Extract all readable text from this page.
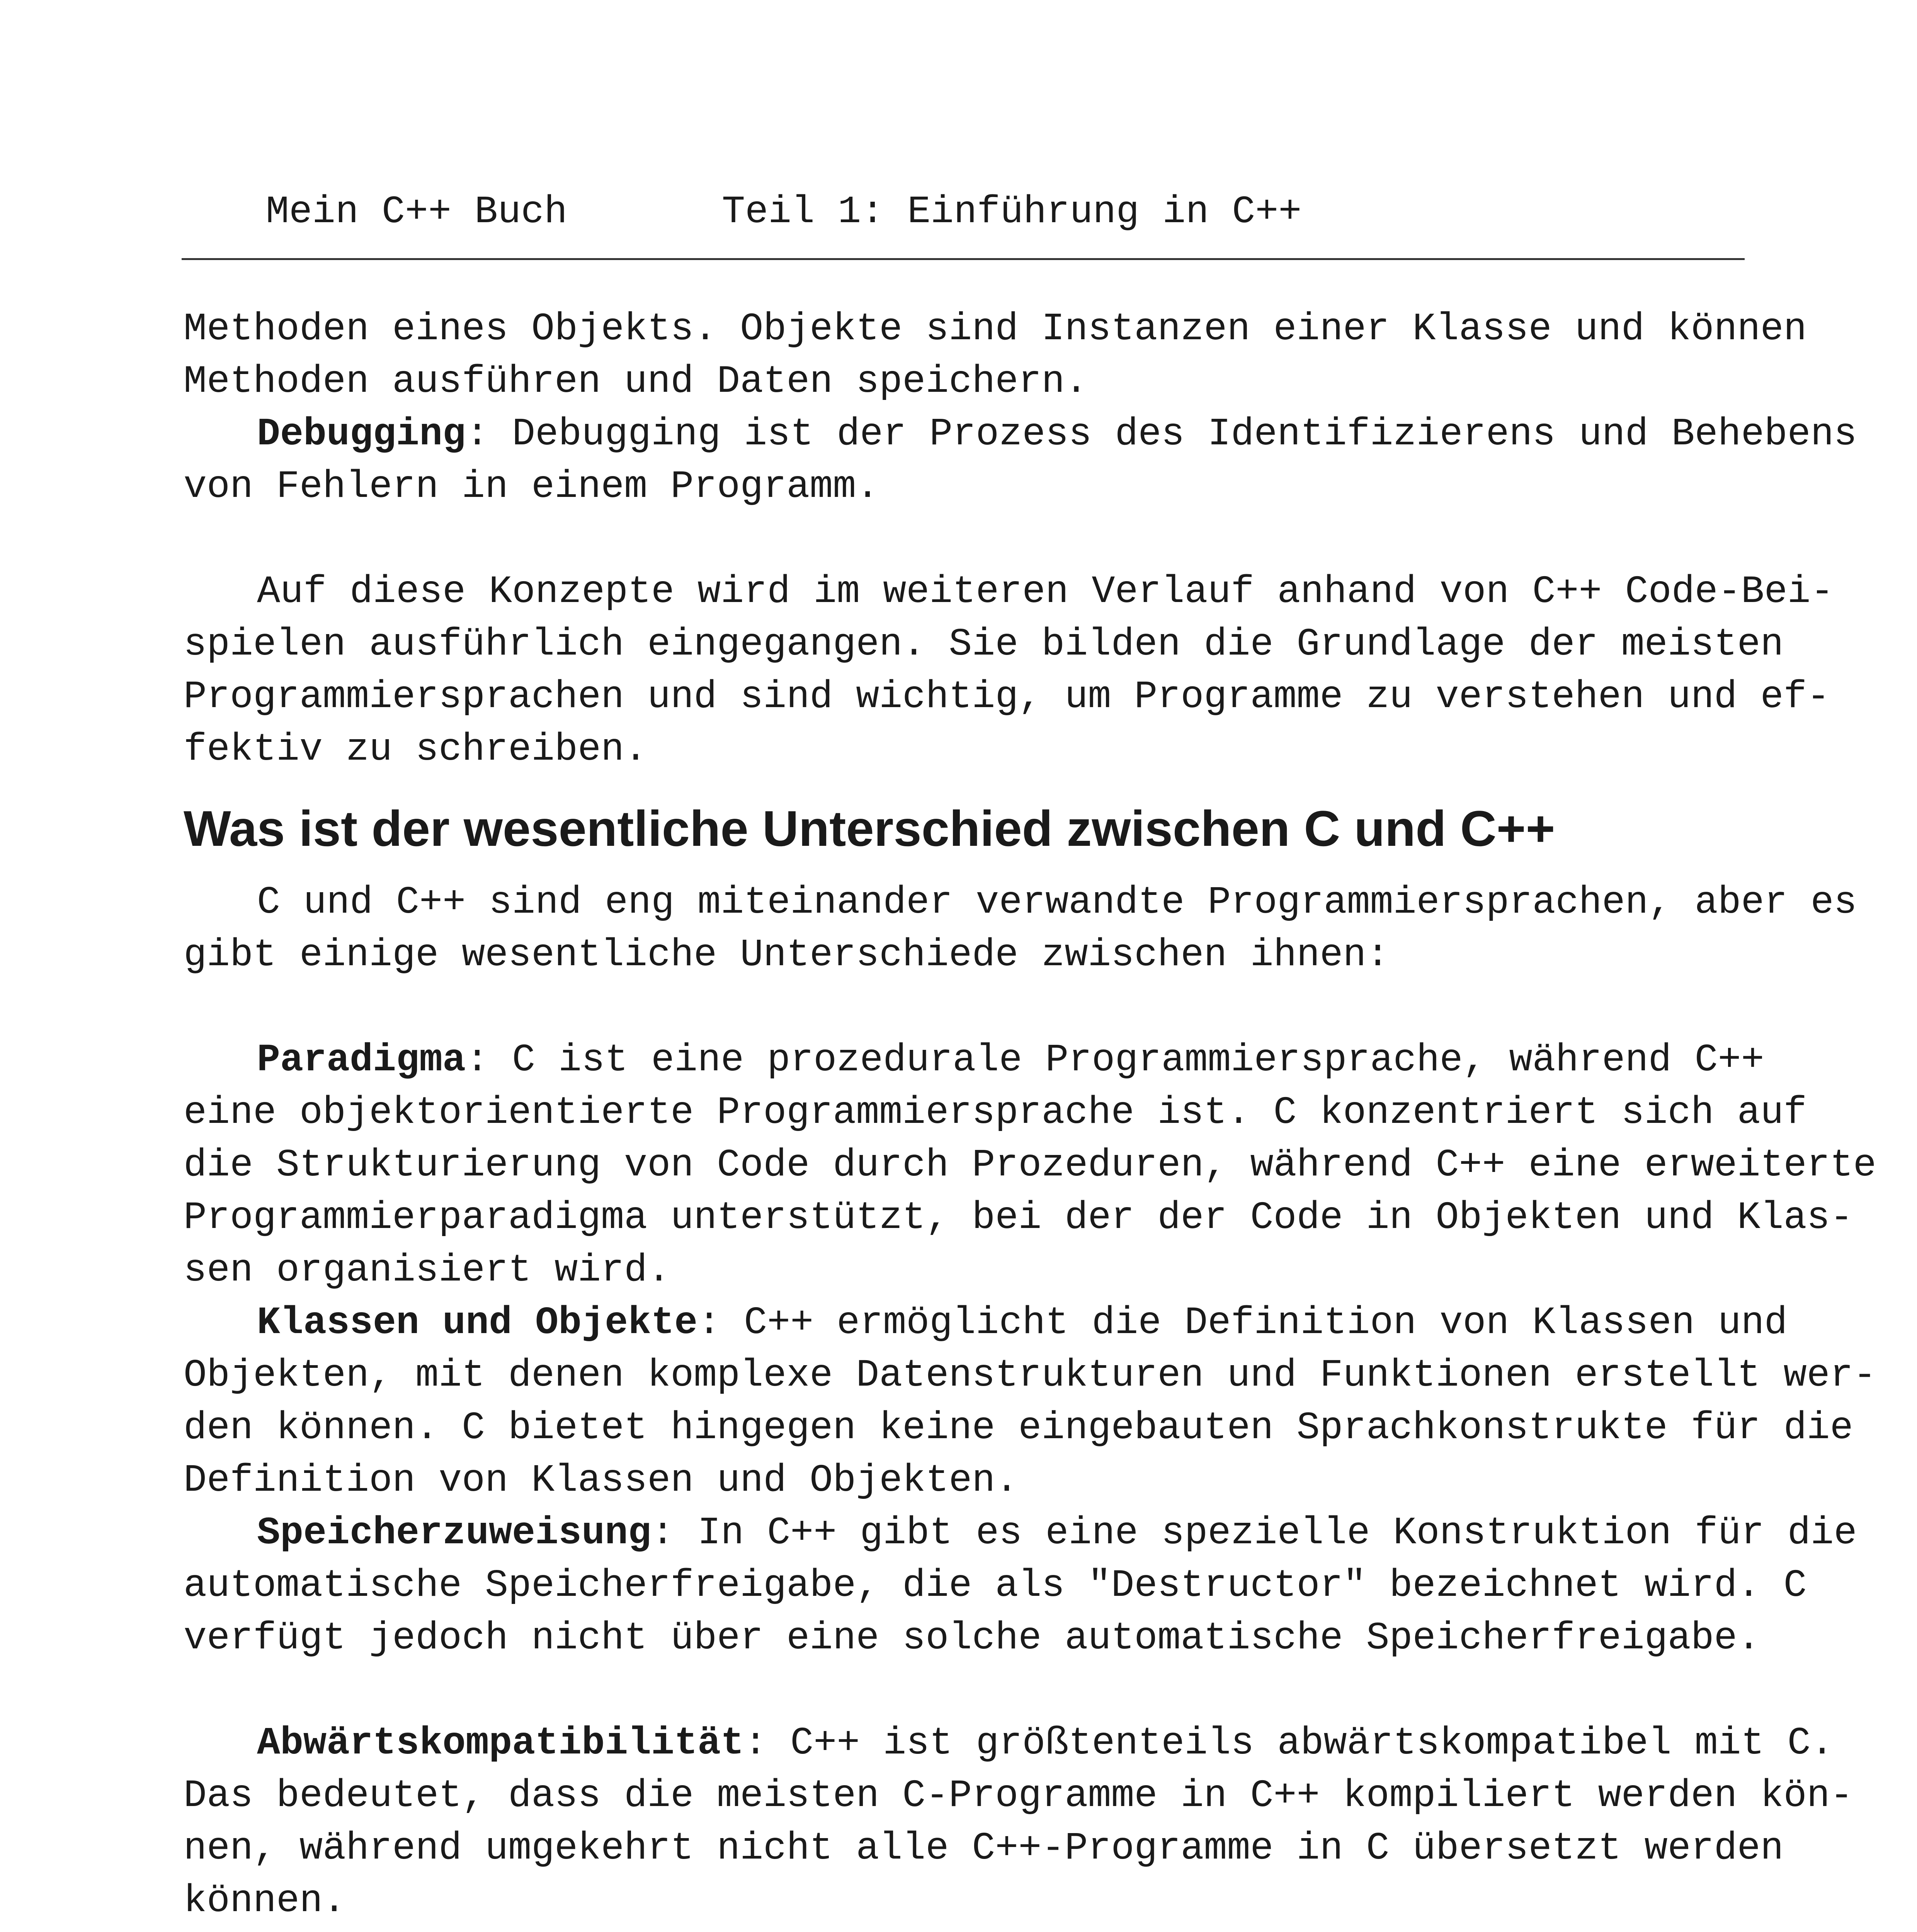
Mein C++ Buch	Teil 1: Einführung in C++
Methoden eines Objekts. Objekte sind Instanzen einer Klasse und können
Methoden ausführen und Daten speichern.
Debugging: Debugging ist der Prozess des Identifizierens und Behebens
von Fehlern in einem Programm.
Auf diese Konzepte wird im weiteren Verlauf anhand von C++ Code-Bei-
spielen ausführlich eingegangen. Sie bilden die Grundlage der meisten
Programmiersprachen und sind wichtig, um Programme zu verstehen und ef-
fektiv zu schreiben.
Was ist der wesentliche Unterschied zwischen C und C++
C und C++ sind eng miteinander verwandte Programmiersprachen, aber es
gibt einige wesentliche Unterschiede zwischen ihnen:
Paradigma: C ist eine prozedurale Programmiersprache, während C++
eine objektorientierte Programmiersprache ist. C konzentriert sich auf
die Strukturierung von Code durch Prozeduren, während C++ eine erweiterte
Programmierparadigma unterstützt, bei der der Code in Objekten und Klas-
sen organisiert wird.
Klassen und Objekte: C++ ermöglicht die Definition von Klassen und
Objekten, mit denen komplexe Datenstrukturen und Funktionen erstellt wer-
den können. C bietet hingegen keine eingebauten Sprachkonstrukte für die
Definition von Klassen und Objekten.
Speicherzuweisung: In C++ gibt es eine spezielle Konstruktion für die
automatische Speicherfreigabe, die als "Destructor" bezeichnet wird. C
verfügt jedoch nicht über eine solche automatische Speicherfreigabe.
Abwärtskompatibilität: C++ ist größtenteils abwärtskompatibel mit C.
Das bedeutet, dass die meisten C-Programme in C++ kompiliert werden kön-
nen, während umgekehrt nicht alle C++-Programme in C übersetzt werden
können.
